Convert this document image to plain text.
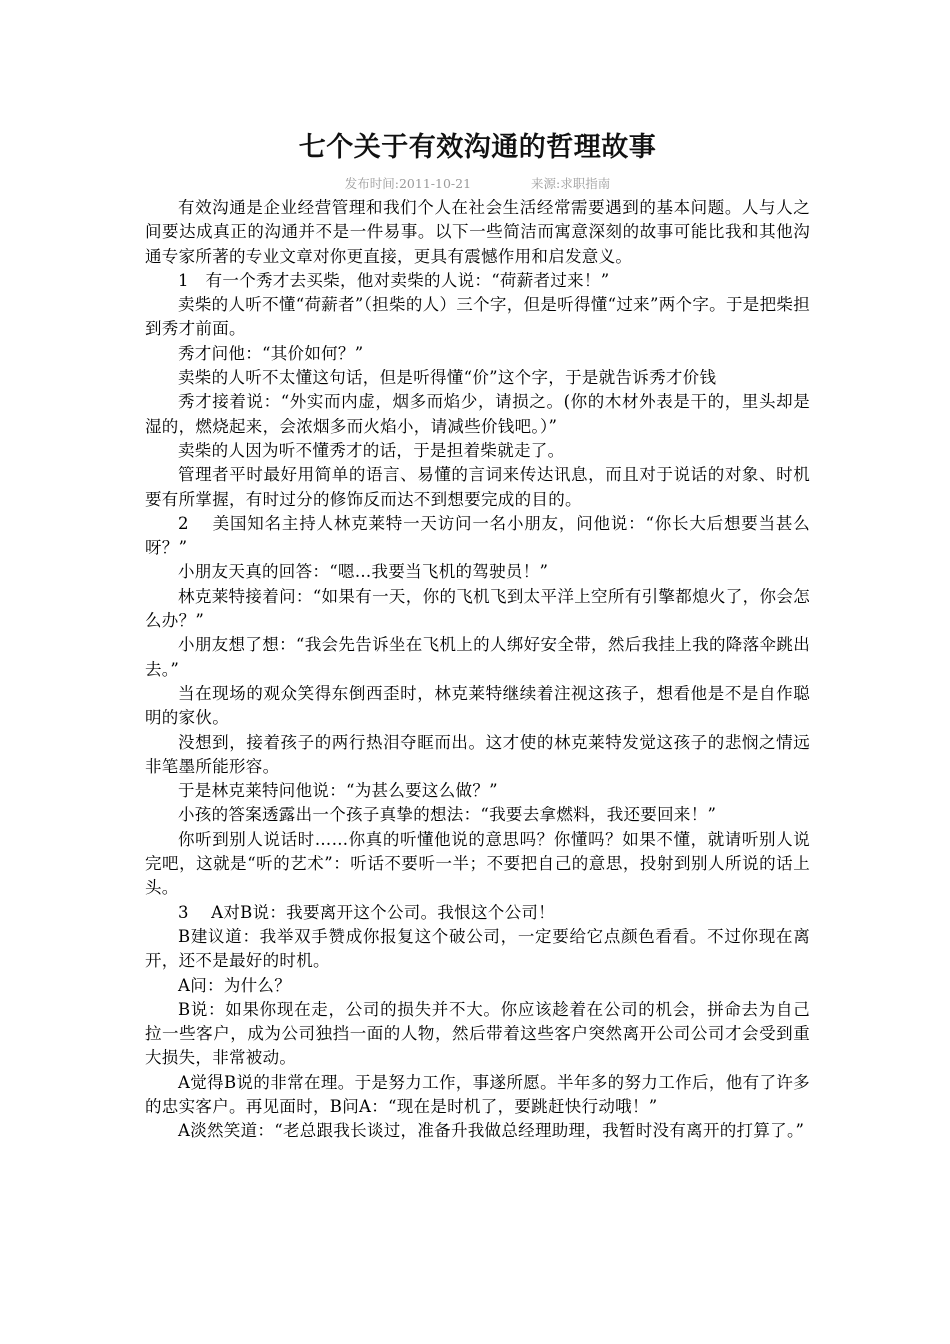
七个关于有效沟通的哲理故事
发布时间:2011-10-21	来源:求职指南

有效沟通是企业经营管理和我们个人在社会生活经常需要遇到的基本问题。人与人之间要达成真正的沟通并不是一件易事。以下一些简洁而寓意深刻的故事可能比我和其他沟通专家所著的专业文章对你更直接，更具有震憾作用和启发意义。

1　有一个秀才去买柴，他对卖柴的人说：“荷薪者过来！”

卖柴的人听不懂“荷薪者”（担柴的人）三个字，但是听得懂“过来”两个字。于是把柴担到秀才前面。

秀才问他：“其价如何？”

卖柴的人听不太懂这句话，但是听得懂“价”这个字，于是就告诉秀才价钱

秀才接着说：“外实而内虚，烟多而焰少，请损之。(你的木材外表是干的，里头却是湿的，燃烧起来，会浓烟多而火焰小，请减些价钱吧。）”

卖柴的人因为听不懂秀才的话，于是担着柴就走了。

管理者平时最好用简单的语言、易懂的言词来传达讯息，而且对于说话的对象、时机要有所掌握，有时过分的修饰反而达不到想要完成的目的。

2　 美国知名主持人林克莱特一天访问一名小朋友，问他说：“你长大后想要当甚么呀？”

小朋友天真的回答：“嗯…我要当飞机的驾驶员！”

林克莱特接着问：“如果有一天，你的飞机飞到太平洋上空所有引擎都熄火了，你会怎么办？”

小朋友想了想：“我会先告诉坐在飞机上的人绑好安全带，然后我挂上我的降落伞跳出去。”

当在现场的观众笑得东倒西歪时，林克莱特继续着注视这孩子，想看他是不是自作聪明的家伙。

没想到，接着孩子的两行热泪夺眶而出。这才使的林克莱特发觉这孩子的悲悯之情远非笔墨所能形容。

于是林克莱特问他说：“为甚么要这么做？”

小孩的答案透露出一个孩子真挚的想法：“我要去拿燃料，我还要回来！”

你听到别人说话时……你真的听懂他说的意思吗？你懂吗？如果不懂，就请听别人说完吧，这就是“听的艺术”：听话不要听一半；不要把自己的意思，投射到别人所说的话上头。

3　 A对B说：我要离开这个公司。我恨这个公司！

B建议道：我举双手赞成你报复这个破公司，一定要给它点颜色看看。不过你现在离开，还不是最好的时机。

A问：为什么？

B说：如果你现在走，公司的损失并不大。你应该趁着在公司的机会，拼命去为自己拉一些客户，成为公司独挡一面的人物，然后带着这些客户突然离开公司公司才会受到重大损失，非常被动。

A觉得B说的非常在理。于是努力工作，事遂所愿。半年多的努力工作后，他有了许多的忠实客户。再见面时，B问A：“现在是时机了，要跳赶快行动哦！”

A淡然笑道：“老总跟我长谈过，准备升我做总经理助理，我暂时没有离开的打算了。”
